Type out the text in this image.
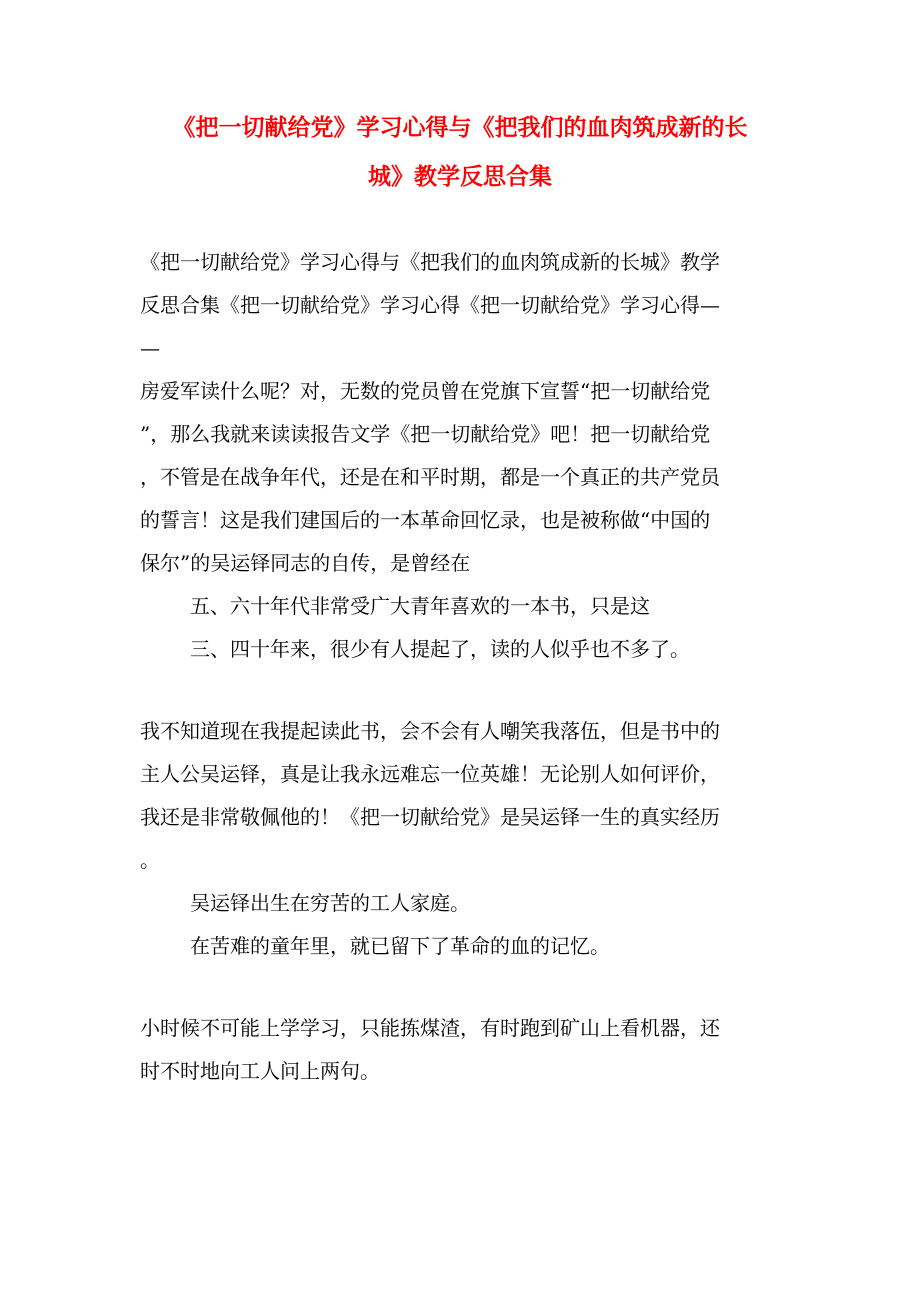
《把一切献给党》学习心得与《把我们的血肉筑成新的长
城》教学反思合集
《把一切献给党》学习心得与《把我们的血肉筑成新的长城》教学
反思合集《把一切献给党》学习心得《把一切献给党》学习心得—
—
房爱军读什么呢？对，无数的党员曾在党旗下宣誓“把一切献给党
”，那么我就来读读报告文学《把一切献给党》吧！把一切献给党
，不管是在战争年代，还是在和平时期，都是一个真正的共产党员
的誓言！这是我们建国后的一本革命回忆录，也是被称做“中国的
保尔”的吴运铎同志的自传，是曾经在
五、六十年代非常受广大青年喜欢的一本书，只是这
三、四十年来，很少有人提起了，读的人似乎也不多了。
我不知道现在我提起读此书，会不会有人嘲笑我落伍，但是书中的
主人公吴运铎，真是让我永远难忘一位英雄！无论别人如何评价，
我还是非常敬佩他的！《把一切献给党》是吴运铎一生的真实经历
。
吴运铎出生在穷苦的工人家庭。
在苦难的童年里，就已留下了革命的血的记忆。
小时候不可能上学学习，只能拣煤渣，有时跑到矿山上看机器，还
时不时地向工人问上两句。
